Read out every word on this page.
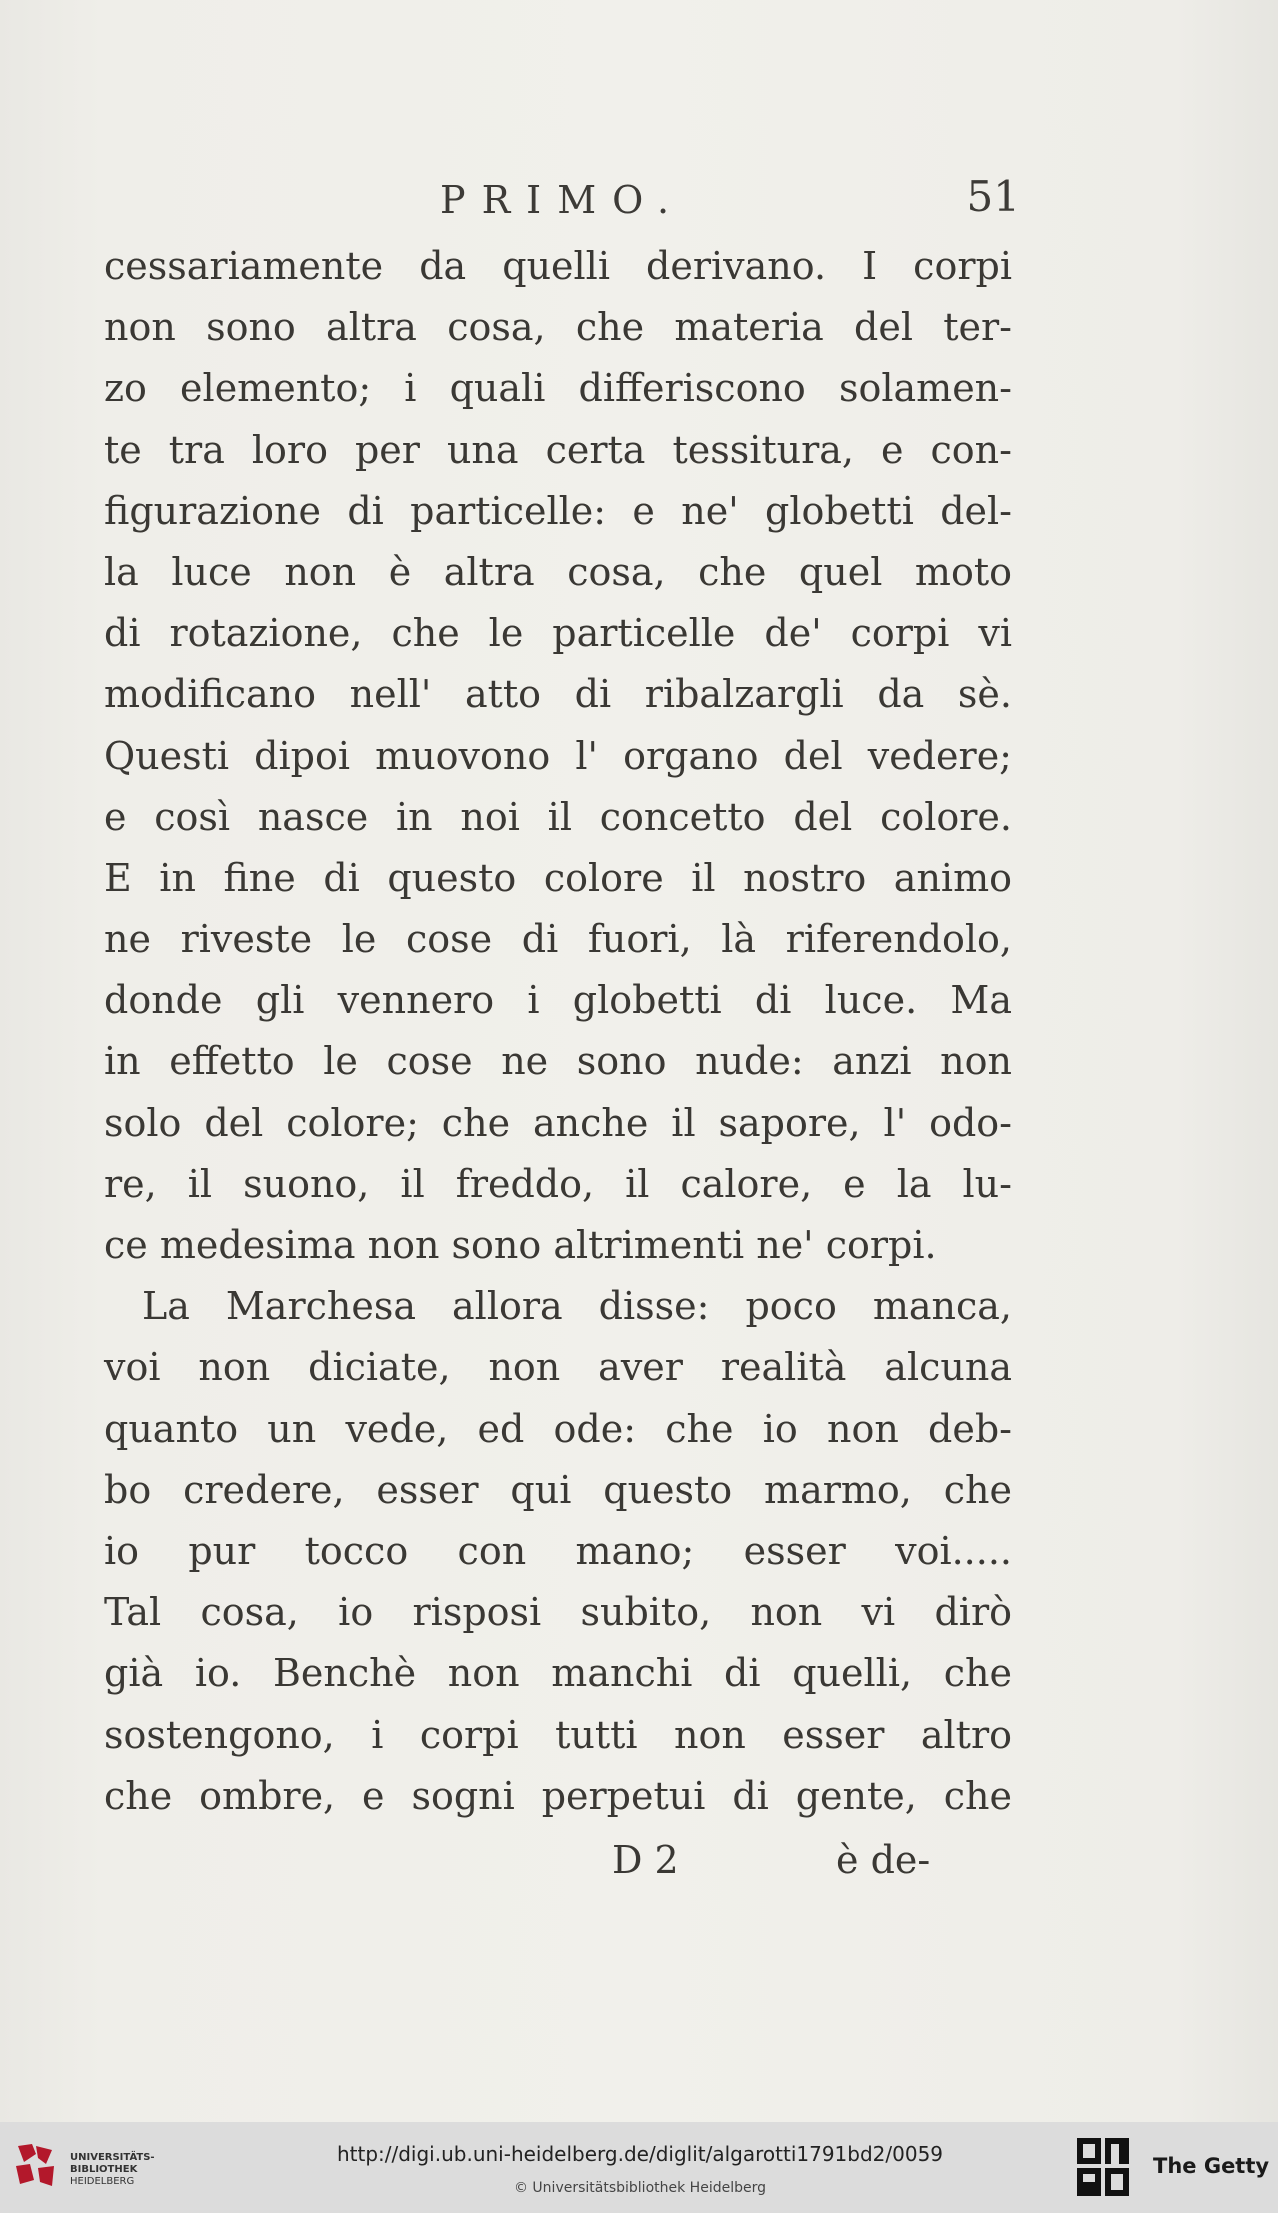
PRIMO.	51
cessariamente da quelli derivano. I corpi
non sono altra cosa, che materia del ter-
zo elemento; i quali differiscono solamen-
te tra loro per una certa tessitura, e con-
figurazione di particelle: e ne' globetti del-
la luce non è altra cosa, che quel moto
di rotazione, che le particelle de' corpi vi
modificano nell' atto di ribalzargli da sè.
Questi dipoi muovono l' organo del vedere;
e così nasce in noi il concetto del colore.
E in fine di questo colore il nostro animo
ne riveste le cose di fuori, là riferendolo,
donde gli vennero i globetti di luce. Ma
in effetto le cose ne sono nude: anzi non
solo del colore; che anche il sapore, l' odo-
re, il suono, il freddo, il calore, e la lu-
ce medesima non sono altrimenti ne' corpi.
La Marchesa allora disse: poco manca,
voi non diciate, non aver realità alcuna
quanto un vede, ed ode: che io non deb-
bo credere, esser qui questo marmo, che
io pur tocco con mano; esser voi.....
Tal cosa, io risposi subito, non vi dirò
già io. Benchè non manchi di quelli, che
sostengono, i corpi tutti non esser altro
che ombre, e sogni perpetui di gente, che
D 2	è de-
UNIVERSITÄTS-
BIBLIOTHEK
HEIDELBERG
http://digi.ub.uni-heidelberg.de/diglit/algarotti1791bd2/0059
© Universitätsbibliothek Heidelberg
The Getty
